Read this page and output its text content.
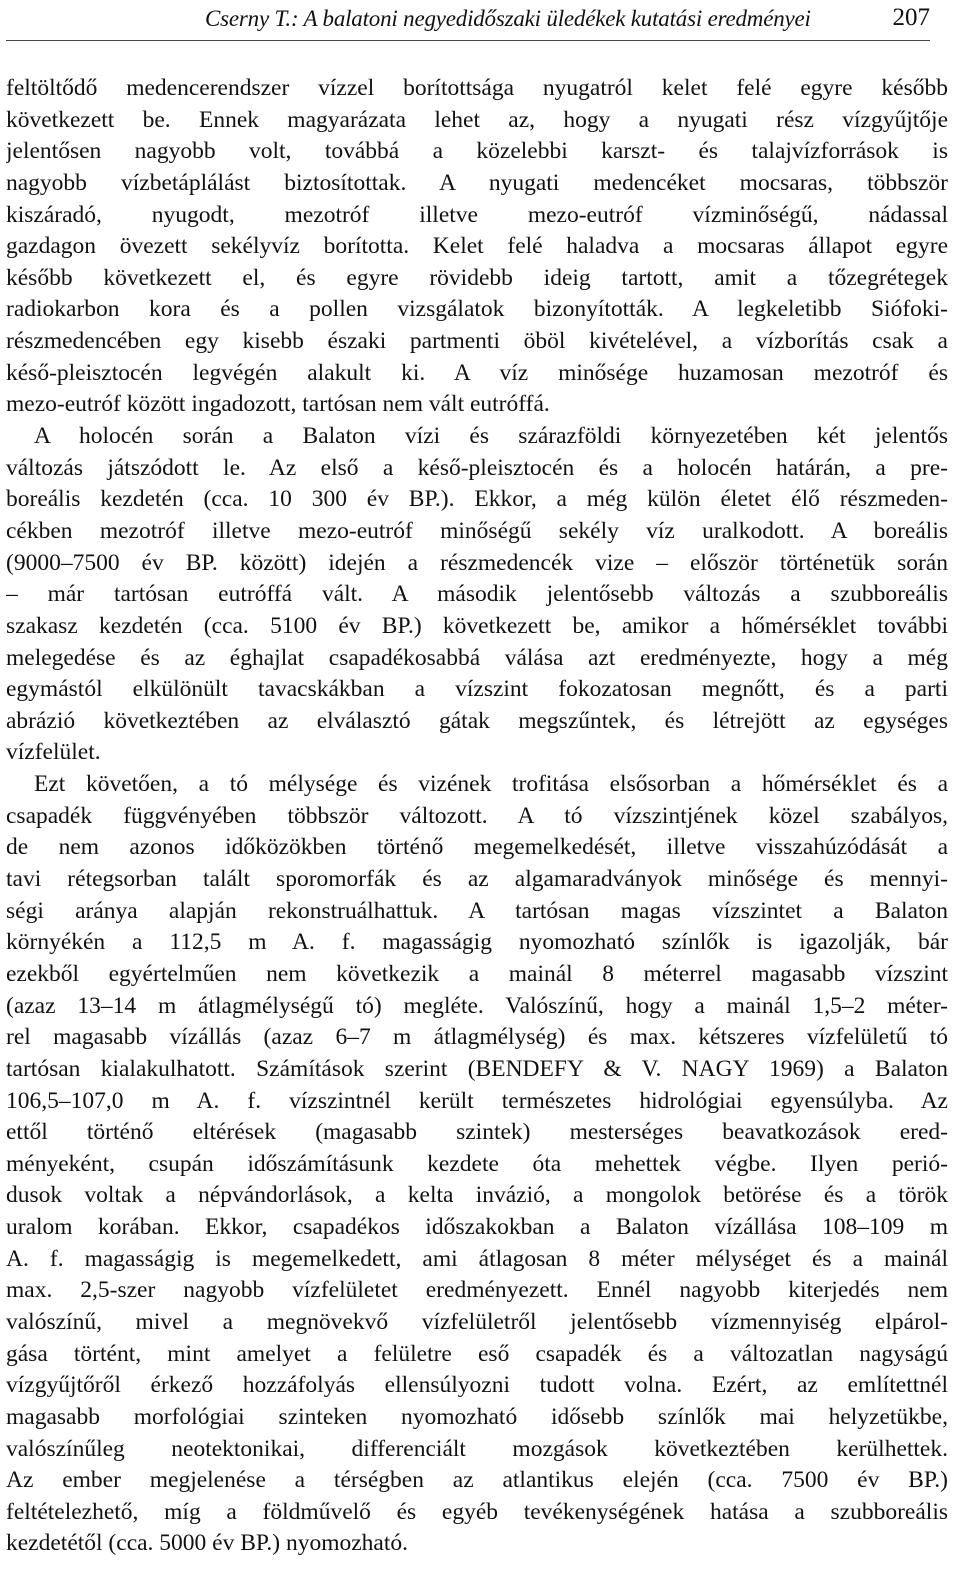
Cserny T.: A balatoni negyedidőszaki üledékek kutatási eredményei	207
feltöltődő medencerendszer vízzel borítottsága nyugatról kelet felé egyre később
következett be. Ennek magyarázata lehet az, hogy a nyugati rész vízgyűjtője
jelentősen nagyobb volt, továbbá a közelebbi karszt- és talajvízforrások is
nagyobb vízbetáplálást biztosítottak. A nyugati medencéket mocsaras, többször
kiszáradó, nyugodt, mezotróf illetve mezo-eutróf vízminőségű, nádassal
gazdagon övezett sekélyvíz borította. Kelet felé haladva a mocsaras állapot egyre
később következett el, és egyre rövidebb ideig tartott, amit a tőzegrétegek
radiokarbon kora és a pollen vizsgálatok bizonyították. A legkeletibb Siófoki-
részmedencében egy kisebb északi partmenti öböl kivételével, a vízborítás csak a
késő-pleisztocén legvégén alakult ki. A víz minősége huzamosan mezotróf és
mezo-eutróf között ingadozott, tartósan nem vált eutróffá.
A holocén során a Balaton vízi és szárazföldi környezetében két jelentős
változás játszódott le. Az első a késő-pleisztocén és a holocén határán, a pre-
boreális kezdetén (cca. 10 300 év BP.). Ekkor, a még külön életet élő részmeden-
cékben mezotróf illetve mezo-eutróf minőségű sekély víz uralkodott. A boreális
(9000–7500 év BP. között) idején a részmedencék vize – először történetük során
– már tartósan eutróffá vált. A második jelentősebb változás a szubboreális
szakasz kezdetén (cca. 5100 év BP.) következett be, amikor a hőmérséklet további
melegedése és az éghajlat csapadékosabbá válása azt eredményezte, hogy a még
egymástól elkülönült tavacskákban a vízszint fokozatosan megnőtt, és a parti
abrázió következtében az elválasztó gátak megszűntek, és létrejött az egységes
vízfelület.
Ezt követően, a tó mélysége és vizének trofitása elsősorban a hőmérséklet és a
csapadék függvényében többször változott. A tó vízszintjének közel szabályos,
de nem azonos időközökben történő megemelkedését, illetve visszahúzódását a
tavi rétegsorban talált sporomorfák és az algamaradványok minősége és mennyi-
ségi aránya alapján rekonstruálhattuk. A tartósan magas vízszintet a Balaton
környékén a 112,5 m A. f. magasságig nyomozható színlők is igazolják, bár
ezekből egyértelműen nem következik a mainál 8 méterrel magasabb vízszint
(azaz 13–14 m átlagmélységű tó) megléte. Valószínű, hogy a mainál 1,5–2 méter-
rel magasabb vízállás (azaz 6–7 m átlagmélység) és max. kétszeres vízfelületű tó
tartósan kialakulhatott. Számítások szerint (BENDEFY & V. NAGY 1969) a Balaton
106,5–107,0 m A. f. vízszintnél került természetes hidrológiai egyensúlyba. Az
ettől történő eltérések (magasabb szintek) mesterséges beavatkozások ered-
ményeként, csupán időszámításunk kezdete óta mehettek végbe. Ilyen perió-
dusok voltak a népvándorlások, a kelta invázió, a mongolok betörése és a török
uralom korában. Ekkor, csapadékos időszakokban a Balaton vízállása 108–109 m
A. f. magasságig is megemelkedett, ami átlagosan 8 méter mélységet és a mainál
max. 2,5-szer nagyobb vízfelületet eredményezett. Ennél nagyobb kiterjedés nem
valószínű, mivel a megnövekvő vízfelületről jelentősebb vízmennyiség elpárol-
gása történt, mint amelyet a felületre eső csapadék és a változatlan nagyságú
vízgyűjtőről érkező hozzáfolyás ellensúlyozni tudott volna. Ezért, az említettnél
magasabb morfológiai szinteken nyomozható idősebb színlők mai helyzetükbe,
valószínűleg neotektonikai, differenciált mozgások következtében kerülhettek.
Az ember megjelenése a térségben az atlantikus elején (cca. 7500 év BP.)
feltételezhető, míg a földművelő és egyéb tevékenységének hatása a szubboreális
kezdetétől (cca. 5000 év BP.) nyomozható.
